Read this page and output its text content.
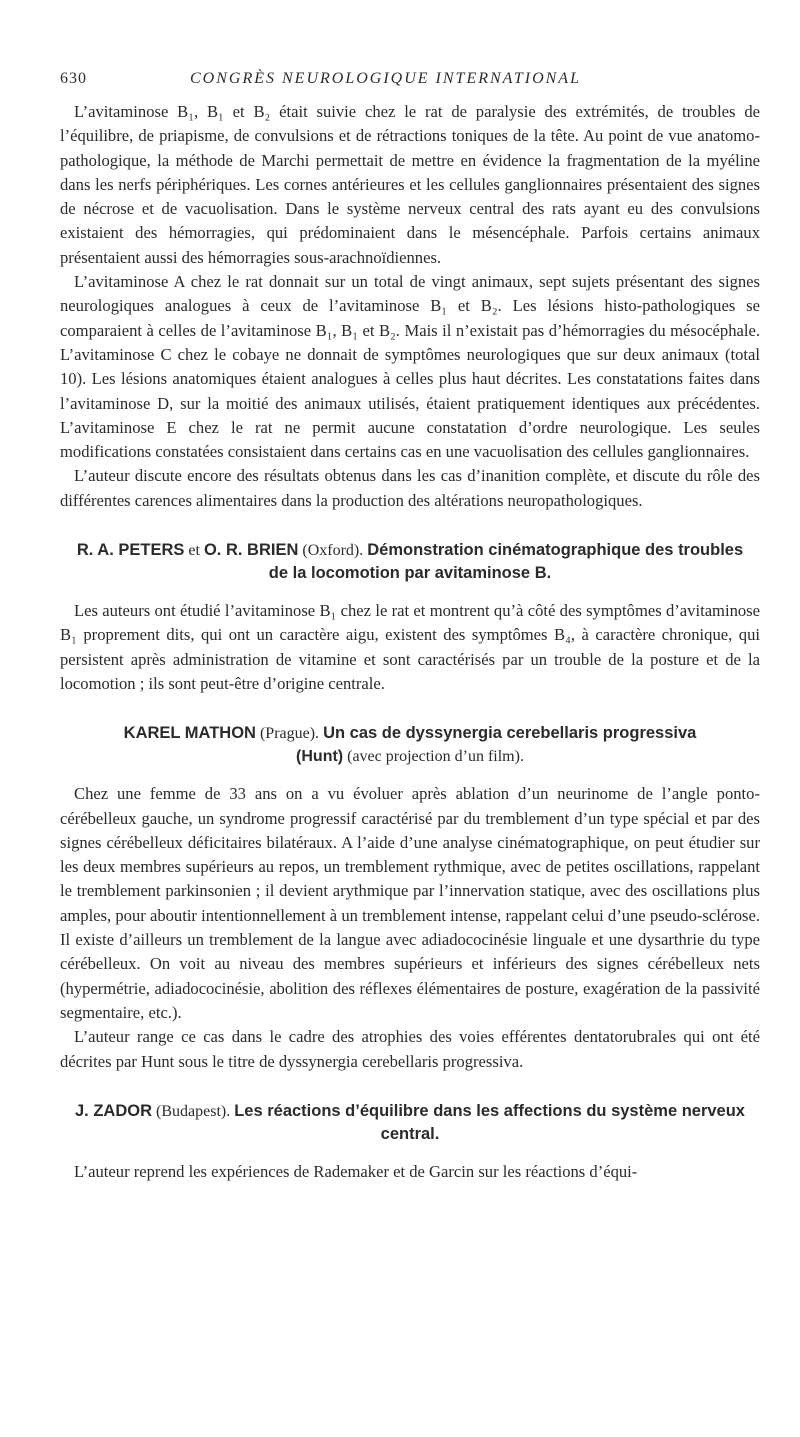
630	CONGRÈS NEUROLOGIQUE INTERNATIONAL

L’avitaminose B₁, B₁ et B₂ était suivie chez le rat de paralysie des extrémités, de troubles de l’équilibre, de priapisme, de convulsions et de rétractions toniques de la tête. Au point de vue anatomo-pathologique, la méthode de Marchi permettait de mettre en évidence la fragmentation de la myéline dans les nerfs périphériques. Les cornes antérieures et les cellules ganglionnaires présentaient des signes de nécrose et de vacuolisation. Dans le système nerveux central des rats ayant eu des convulsions existaient des hémorragies, qui prédominaient dans le mésencéphale. Parfois certains animaux présentaient aussi des hémorragies sous-arachnoïdiennes.

L’avitaminose A chez le rat donnait sur un total de vingt animaux, sept sujets présentant des signes neurologiques analogues à ceux de l’avitaminose B₁ et B₂. Les lésions histo-pathologiques se comparaient à celles de l’avitaminose B₁, B₁ et B₂. Mais il n’existait pas d’hémorragies du mésocéphale. L’avitaminose C chez le cobaye ne donnait de symptômes neurologiques que sur deux animaux (total 10). Les lésions anatomiques étaient analogues à celles plus haut décrites. Les constatations faites dans l’avitaminose D, sur la moitié des animaux utilisés, étaient pratiquement identiques aux précédentes. L’avitaminose E chez le rat ne permit aucune constatation d’ordre neurologique. Les seules modifications constatées consistaient dans certains cas en une vacuolisation des cellules ganglionnaires.

L’auteur discute encore des résultats obtenus dans les cas d’inanition complète, et discute du rôle des différentes carences alimentaires dans la production des altérations neuropathologiques.

R. A. PETERS et O. R. BRIEN (Oxford). Démonstration cinématographique des troubles de la locomotion par avitaminose B.

Les auteurs ont étudié l’avitaminose B₁ chez le rat et montrent qu’à côté des symptômes d’avitaminose B₁ proprement dits, qui ont un caractère aigu, existent des symptômes B₄, à caractère chronique, qui persistent après administration de vitamine et sont caractérisés par un trouble de la posture et de la locomotion ; ils sont peut-être d’origine centrale.

KAREL MATHON (Prague). Un cas de dyssynergia cerebellaris progressiva
(Hunt) (avec projection d’un film).

Chez une femme de 33 ans on a vu évoluer après ablation d’un neurinome de l’angle ponto-cérébelleux gauche, un syndrome progressif caractérisé par du tremblement d’un type spécial et par des signes cérébelleux déficitaires bilatéraux. A l’aide d’une analyse cinématographique, on peut étudier sur les deux membres supérieurs au repos, un tremblement rythmique, avec de petites oscillations, rappelant le tremblement parkinsonien ; il devient arythmique par l’innervation statique, avec des oscillations plus amples, pour aboutir intentionnellement à un tremblement intense, rappelant celui d’une pseudo-sclérose. Il existe d’ailleurs un tremblement de la langue avec adiadococinésie linguale et une dysarthrie du type cérébelleux. On voit au niveau des membres supérieurs et inférieurs des signes cérébelleux nets (hypermétrie, adiadococinésie, abolition des réflexes élémentaires de posture, exagération de la passivité segmentaire, etc.).

L’auteur range ce cas dans le cadre des atrophies des voies efférentes dentatorubrales qui ont été décrites par Hunt sous le titre de dyssynergia cerebellaris progressiva.

J. ZADOR (Budapest). Les réactions d’équilibre dans les affections du système nerveux central.

L’auteur reprend les expériences de Rademaker et de Garcin sur les réactions d’équi-
